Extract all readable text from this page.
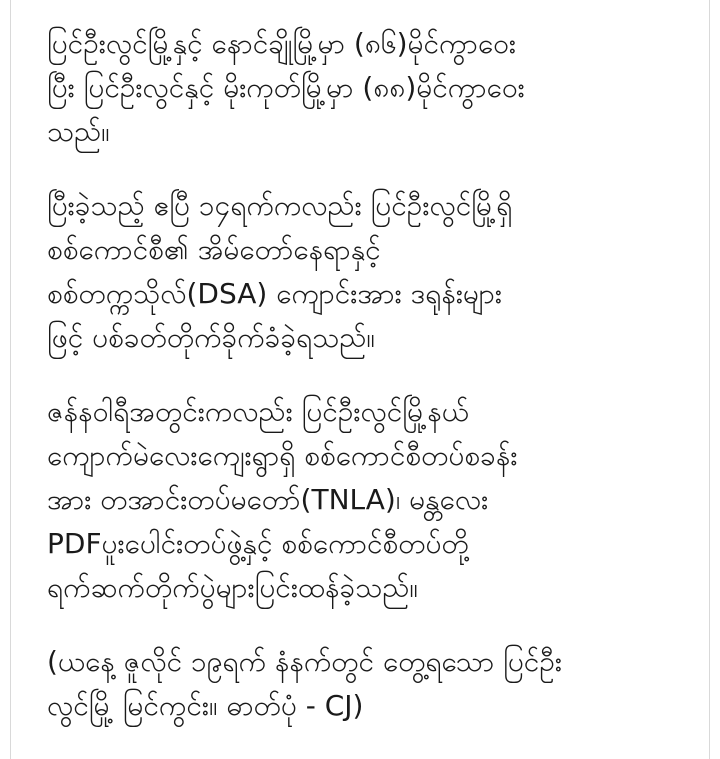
ပြင်ဦးလွင်မြို့နှင့် နောင်ချိုမြို့မှာ (၈၆)မိုင်ကွာဝေး
ပြီး ပြင်ဦးလွင်နှင့် မိုးကုတ်မြို့မှာ (၈၈)မိုင်ကွာဝေး
သည်။

ပြီးခဲ့သည့် ဧပြီ ၁၄ရက်ကလည်း ပြင်ဦးလွင်မြို့ရှိ
စစ်ကောင်စီ၏ အိမ်တော်နေရာနှင့်
စစ်တက္ကသိုလ်(DSA) ကျောင်းအား ဒရုန်းများ
ဖြင့် ပစ်ခတ်တိုက်ခိုက်ခံခဲ့ရသည်။

ဇန်နဝါရီအတွင်းကလည်း ပြင်ဦးလွင်မြို့နယ်
ကျောက်မဲလေးကျေးရွာရှိ စစ်ကောင်စီတပ်စခန်း
အား တအာင်းတပ်မတော်(TNLA)၊ မန္တလေး
PDFပူးပေါင်းတပ်ဖွဲ့နှင့် စစ်ကောင်စီတပ်တို့
ရက်ဆက်တိုက်ပွဲများပြင်းထန်ခဲ့သည်။

(ယနေ့ ဇူလိုင် ၁၉ရက် နံနက်တွင် တွေ့ရသော ပြင်ဦး
လွင်မြို့ မြင်ကွင်း။ ဓာတ်ပုံ - CJ)
